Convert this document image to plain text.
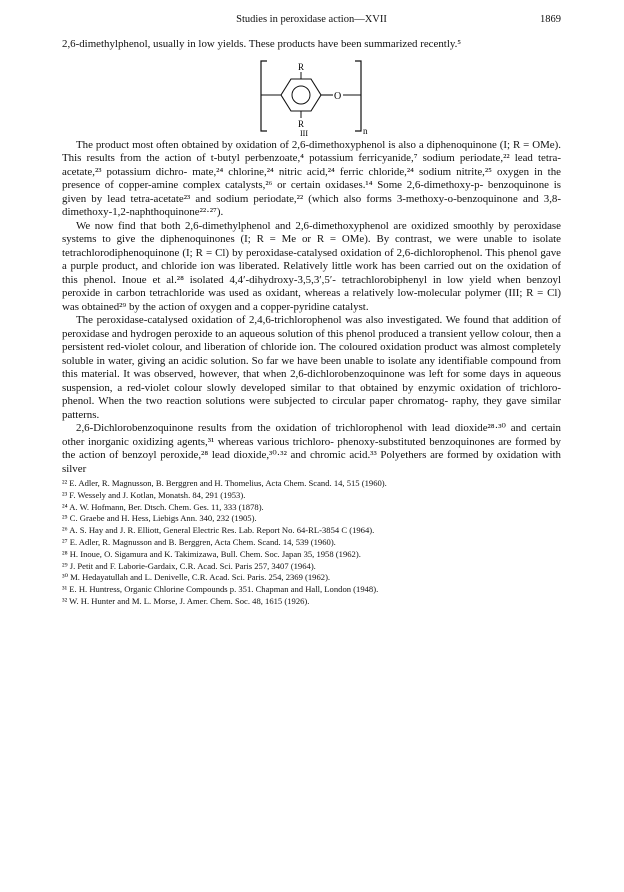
Studies in peroxidase action—XVII	1869

2,6-dimethylphenol, usually in low yields. These products have been summarized recently.⁵

R
R
O
n
III

The product most often obtained by oxidation of 2,6-dimethoxyphenol is also a diphenoquinone (I; R = OMe). This results from the action of t-butyl perbenzoate,⁴ potassium ferricyanide,⁷ sodium periodate,²² lead tetra-acetate,²³ potassium dichro- mate,²⁴ chlorine,²⁴ nitric acid,²⁴ ferric chloride,²⁴ sodium nitrite,²⁵ oxygen in the presence of copper-amine complex catalysts,²⁶ or certain oxidases.¹⁴ Some 2,6-dimethoxy-p- benzoquinone is given by lead tetra-acetate²³ and sodium periodate,²² (which also forms 3-methoxy-o-benzoquinone and 3,8-dimethoxy-1,2-naphthoquinone²²·²⁷).

We now find that both 2,6-dimethylphenol and 2,6-dimethoxyphenol are oxidized smoothly by peroxidase systems to give the diphenoquinones (I; R = Me or R = OMe). By contrast, we were unable to isolate tetrachlorodiphenoquinone (I; R = Cl) by peroxidase-catalysed oxidation of 2,6-dichlorophenol. This phenol gave a purple product, and chloride ion was liberated. Relatively little work has been carried out on the oxidation of this phenol. Inoue et al.²⁸ isolated 4,4′-dihydroxy-3,5,3′,5′- tetrachlorobiphenyl in low yield when benzoyl peroxide in carbon tetrachloride was used as oxidant, whereas a relatively low-molecular polymer (III; R = Cl) was obtained²⁹ by the action of oxygen and a copper-pyridine catalyst.

The peroxidase-catalysed oxidation of 2,4,6-trichlorophenol was also investigated. We found that addition of peroxidase and hydrogen peroxide to an aqueous solution of this phenol produced a transient yellow colour, then a persistent red-violet colour, and liberation of chloride ion. The coloured oxidation product was almost completely soluble in water, giving an acidic solution. So far we have been unable to isolate any identifiable compound from this material. It was observed, however, that when 2,6-dichlorobenzoquinone was left for some days in aqueous suspension, a red-violet colour slowly developed similar to that obtained by enzymic oxidation of trichloro- phenol. When the two reaction solutions were subjected to circular paper chromatog- raphy, they gave similar patterns.

2,6-Dichlorobenzoquinone results from the oxidation of trichlorophenol with lead dioxide²⁸·³⁰ and certain other inorganic oxidizing agents,³¹ whereas various trichloro- phenoxy-substituted benzoquinones are formed by the action of benzoyl peroxide,²⁸ lead dioxide,³⁰·³² and chromic acid.³³ Polyethers are formed by oxidation with silver

²² E. Adler, R. Magnusson, B. Berggren and H. Thomelius, Acta Chem. Scand. 14, 515 (1960).
²³ F. Wessely and J. Kotlan, Monatsh. 84, 291 (1953).
²⁴ A. W. Hofmann, Ber. Dtsch. Chem. Ges. 11, 333 (1878).
²⁵ C. Graebe and H. Hess, Liebigs Ann. 340, 232 (1905).
²⁶ A. S. Hay and J. R. Elliott, General Electric Res. Lab. Report No. 64-RL-3854 C (1964).
²⁷ E. Adler, R. Magnusson and B. Berggren, Acta Chem. Scand. 14, 539 (1960).
²⁸ H. Inoue, O. Sigamura and K. Takimizawa, Bull. Chem. Soc. Japan 35, 1958 (1962).
²⁹ J. Petit and F. Laborie-Gardaix, C.R. Acad. Sci. Paris 257, 3407 (1964).
³⁰ M. Hedayatullah and L. Denivelle, C.R. Acad. Sci. Paris. 254, 2369 (1962).
³¹ E. H. Huntress, Organic Chlorine Compounds p. 351. Chapman and Hall, London (1948).
³² W. H. Hunter and M. L. Morse, J. Amer. Chem. Soc. 48, 1615 (1926).
